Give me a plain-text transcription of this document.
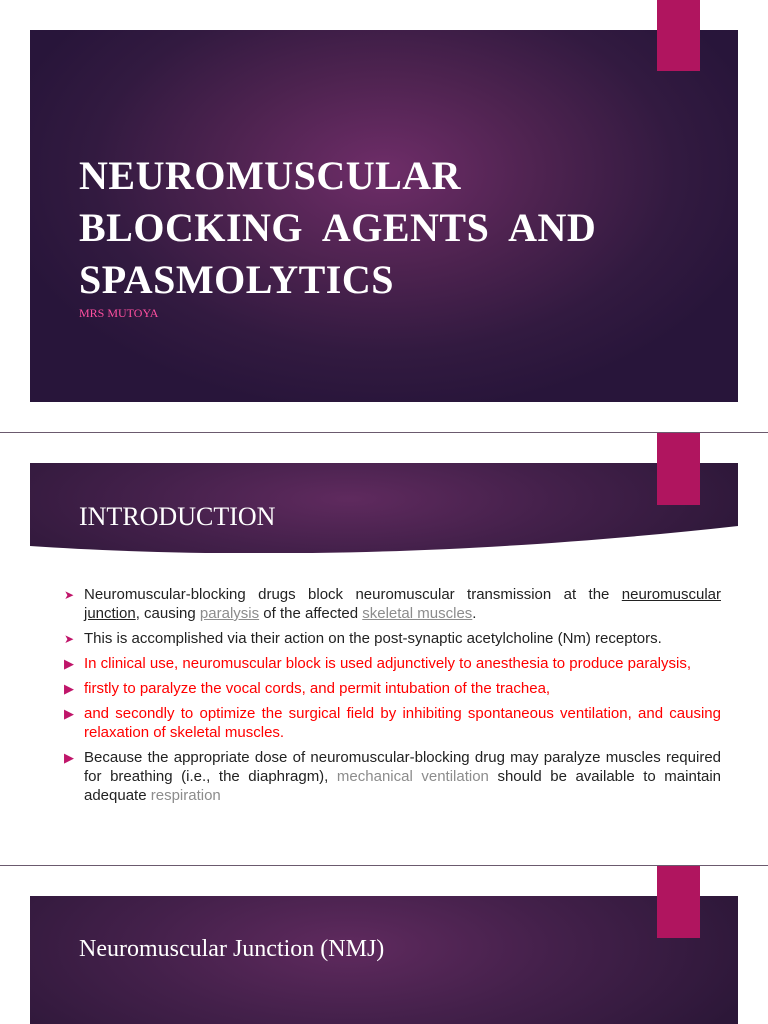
NEUROMUSCULAR
BLOCKING  AGENTS  AND
SPASMOLYTICS
MRS MUTOYA
INTRODUCTION
➤ Neuromuscular-blocking drugs block neuromuscular transmission at the neuromuscular junction, causing paralysis of the affected skeletal muscles.
➤ This is accomplished via their action on the post-synaptic acetylcholine (Nm) receptors.
▶ In clinical use, neuromuscular block is used adjunctively to anesthesia to produce paralysis,
▶ firstly to paralyze the vocal cords, and permit intubation of the trachea,
▶ and secondly to optimize the surgical field by inhibiting spontaneous ventilation, and causing relaxation of skeletal muscles.
▶ Because the appropriate dose of neuromuscular-blocking drug may paralyze muscles required for breathing (i.e., the diaphragm), mechanical ventilation should be available to maintain adequate respiration
Neuromuscular Junction (NMJ)
